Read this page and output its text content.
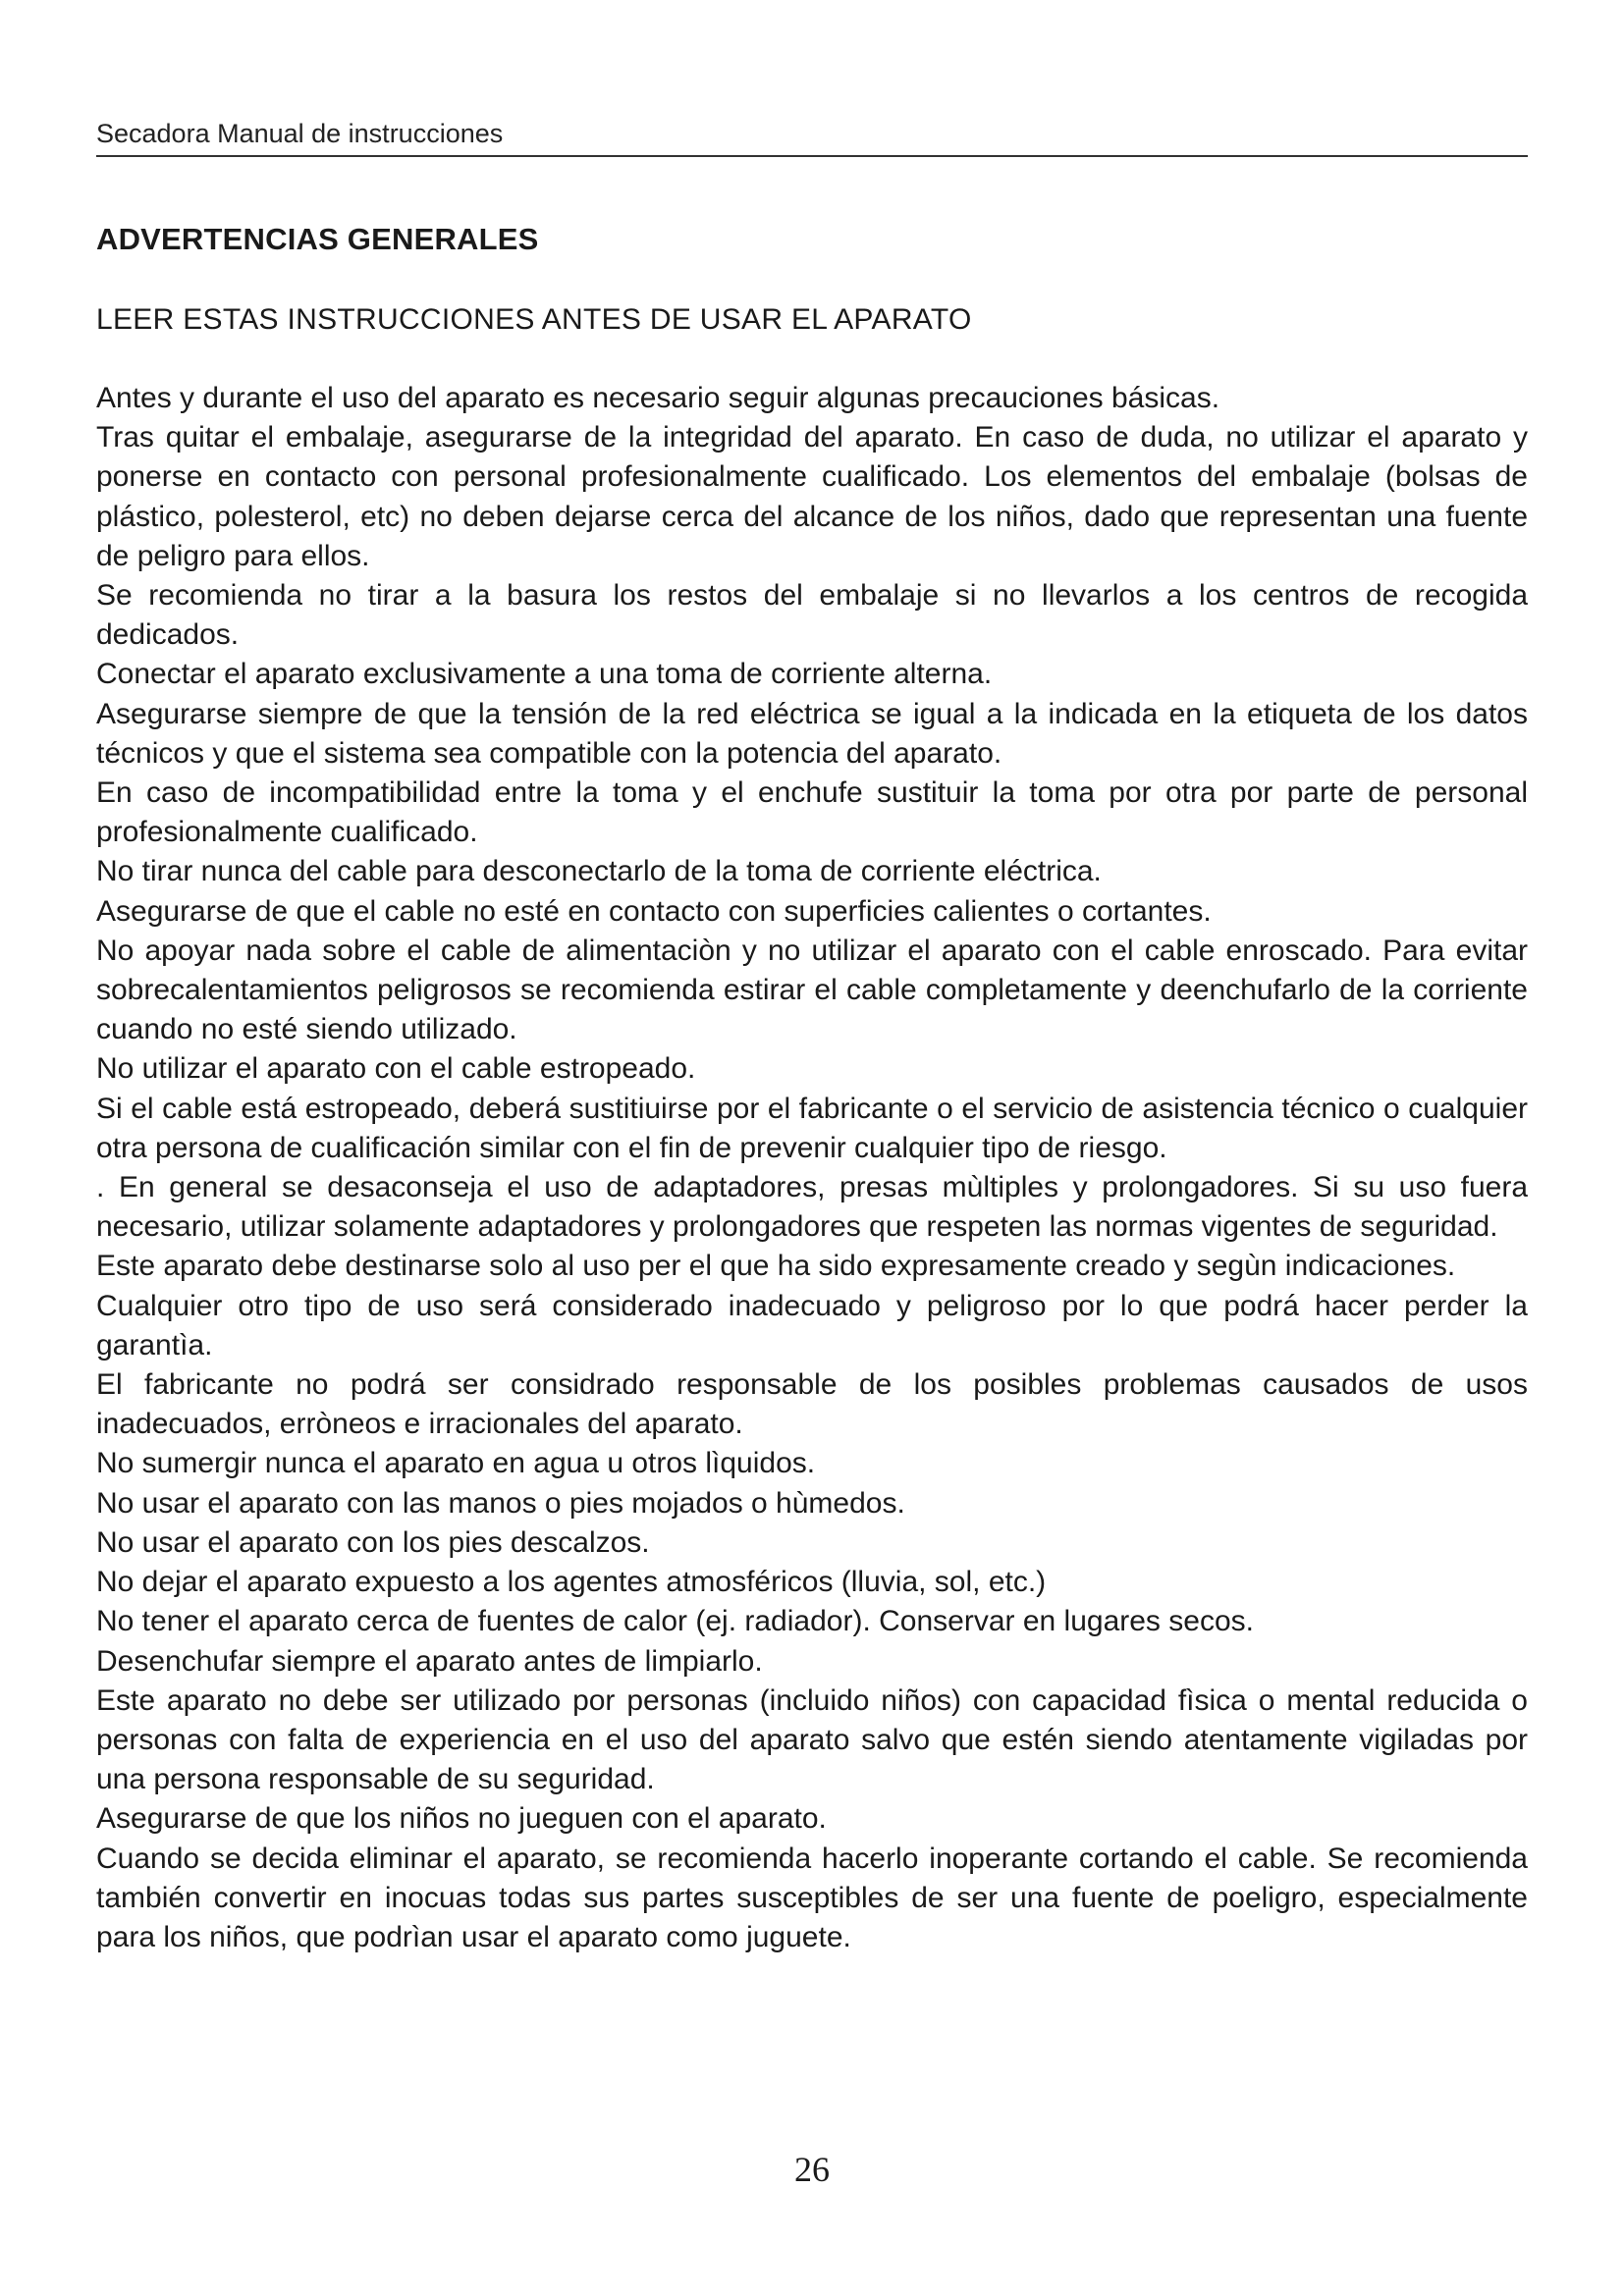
Secadora Manual de instrucciones
ADVERTENCIAS GENERALES
LEER ESTAS INSTRUCCIONES ANTES DE USAR EL APARATO

Antes y durante el uso del aparato es necesario seguir algunas precauciones básicas.

Tras quitar el embalaje, asegurarse de la integridad del aparato. En caso de duda, no utilizar el aparato y ponerse en contacto con personal profesionalmente cualificado. Los elementos del embalaje (bolsas de plástico, polesterol, etc) no deben dejarse cerca del alcance de los niños, dado que representan una fuente de peligro para ellos.

Se recomienda no tirar a la basura los restos del embalaje si no llevarlos a los centros de recogida dedicados.

Conectar el aparato exclusivamente a una toma de corriente alterna.

Asegurarse siempre de que la tensión de la red eléctrica se igual a la indicada en la etiqueta de los datos técnicos y que el sistema sea compatible con la potencia del aparato.

En caso de incompatibilidad entre la toma y el enchufe sustituir la toma por otra por parte de personal profesionalmente cualificado.

No tirar nunca del cable para desconectarlo de la toma de corriente eléctrica.

Asegurarse de que el cable no esté en contacto con superficies calientes o cortantes.

No apoyar nada sobre el cable de alimentaciòn y no utilizar el aparato con el cable enroscado. Para evitar sobrecalentamientos peligrosos se recomienda estirar el cable completamente y deenchufarlo de la corriente cuando no esté siendo utilizado.

No utilizar el aparato con el cable estropeado.

Si el cable está estropeado, deberá sustitiuirse por el fabricante o el servicio de asistencia técnico o cualquier otra persona de cualificación similar con el fin de prevenir cualquier tipo de riesgo.

. En general se desaconseja el uso de adaptadores, presas mùltiples y prolongadores. Si su uso fuera necesario, utilizar solamente adaptadores y prolongadores que respeten las normas vigentes de seguridad.

Este aparato debe destinarse solo al uso per el que ha sido expresamente creado y segùn indicaciones.

Cualquier otro tipo de uso será considerado inadecuado y peligroso por lo que podrá hacer perder la garantìa.

El fabricante no podrá ser considrado responsable de los posibles problemas causados de usos inadecuados, erròneos e irracionales del aparato.

No sumergir nunca el aparato en agua u otros lìquidos.

No usar el aparato con las manos o pies mojados o hùmedos.

No usar el aparato con los pies descalzos.

No dejar el aparato expuesto a los agentes atmosféricos (lluvia, sol, etc.)

No tener el aparato cerca de fuentes de calor (ej. radiador). Conservar en lugares secos.

Desenchufar siempre el aparato antes de limpiarlo.

Este aparato no debe ser utilizado por personas (incluido niños) con capacidad fìsica o mental reducida o personas con falta de experiencia en el uso del aparato salvo que estén siendo atentamente vigiladas por una persona responsable de su seguridad.

Asegurarse de que los niños no jueguen con el aparato.

Cuando se decida eliminar el aparato, se recomienda hacerlo inoperante cortando el cable. Se recomienda también convertir en inocuas todas sus partes susceptibles de ser una fuente de poeligro, especialmente para los niños, que podrìan usar el aparato como juguete.

26
